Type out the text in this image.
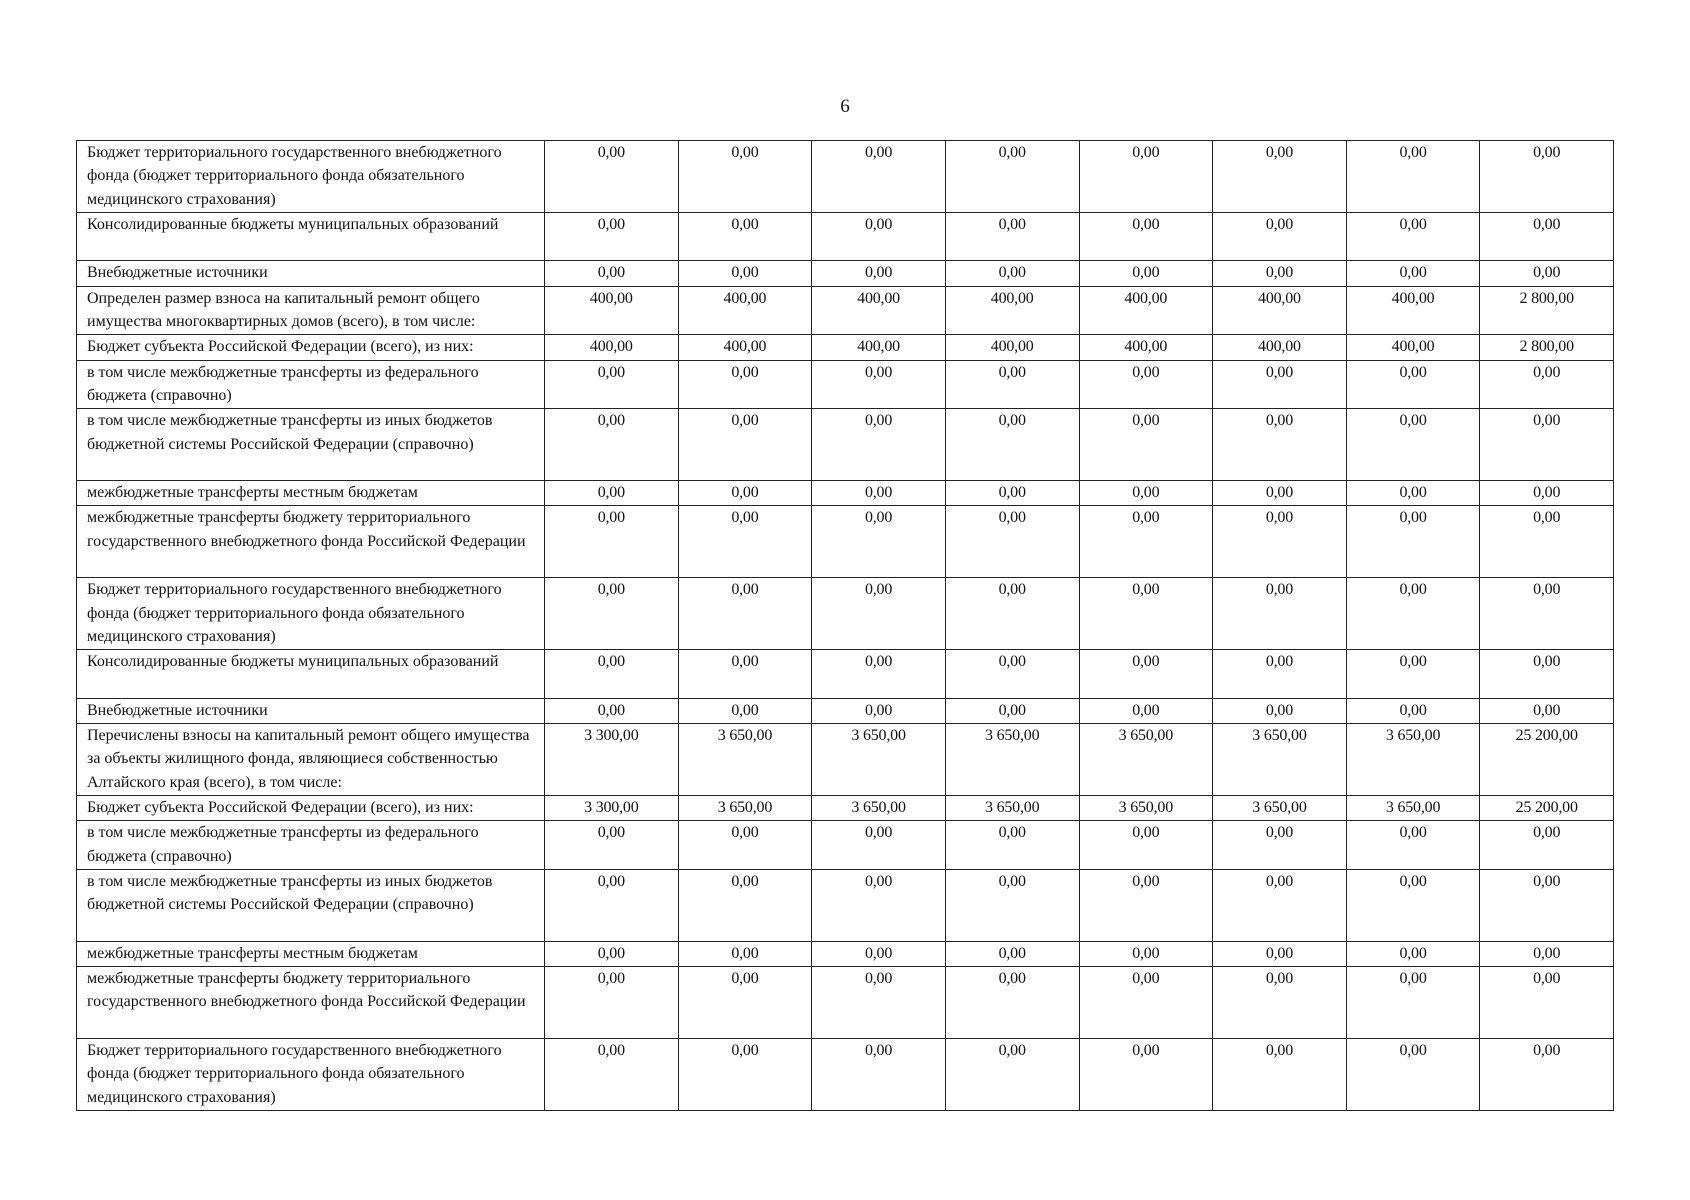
6
Бюджет территориального государственного внебюджетного фонда (бюджет территориального фонда обязательного медицинского страхования)	0,00	0,00	0,00	0,00	0,00	0,00	0,00	0,00
Консолидированные бюджеты муниципальных образований	0,00	0,00	0,00	0,00	0,00	0,00	0,00	0,00
Внебюджетные источники	0,00	0,00	0,00	0,00	0,00	0,00	0,00	0,00
Определен размер взноса на капитальный ремонт общего имущества многоквартирных домов (всего), в том числе:	400,00	400,00	400,00	400,00	400,00	400,00	400,00	2 800,00
Бюджет субъекта Российской Федерации (всего), из них:	400,00	400,00	400,00	400,00	400,00	400,00	400,00	2 800,00
в том числе межбюджетные трансферты из федерального бюджета (справочно)	0,00	0,00	0,00	0,00	0,00	0,00	0,00	0,00
в том числе межбюджетные трансферты из иных бюджетов бюджетной системы Российской Федерации (справочно)	0,00	0,00	0,00	0,00	0,00	0,00	0,00	0,00
межбюджетные трансферты местным бюджетам	0,00	0,00	0,00	0,00	0,00	0,00	0,00	0,00
межбюджетные трансферты бюджету территориального государственного внебюджетного фонда Российской Федерации	0,00	0,00	0,00	0,00	0,00	0,00	0,00	0,00
Бюджет территориального государственного внебюджетного фонда (бюджет территориального фонда обязательного медицинского страхования)	0,00	0,00	0,00	0,00	0,00	0,00	0,00	0,00
Консолидированные бюджеты муниципальных образований	0,00	0,00	0,00	0,00	0,00	0,00	0,00	0,00
Внебюджетные источники	0,00	0,00	0,00	0,00	0,00	0,00	0,00	0,00
Перечислены взносы на капитальный ремонт общего имущества за объекты жилищного фонда, являющиеся собственностью Алтайского края (всего), в том числе:	3 300,00	3 650,00	3 650,00	3 650,00	3 650,00	3 650,00	3 650,00	25 200,00
Бюджет субъекта Российской Федерации (всего), из них:	3 300,00	3 650,00	3 650,00	3 650,00	3 650,00	3 650,00	3 650,00	25 200,00
в том числе межбюджетные трансферты из федерального бюджета (справочно)	0,00	0,00	0,00	0,00	0,00	0,00	0,00	0,00
в том числе межбюджетные трансферты из иных бюджетов бюджетной системы Российской Федерации (справочно)	0,00	0,00	0,00	0,00	0,00	0,00	0,00	0,00
межбюджетные трансферты местным бюджетам	0,00	0,00	0,00	0,00	0,00	0,00	0,00	0,00
межбюджетные трансферты бюджету территориального государственного внебюджетного фонда Российской Федерации	0,00	0,00	0,00	0,00	0,00	0,00	0,00	0,00
Бюджет территориального государственного внебюджетного фонда (бюджет территориального фонда обязательного медицинского страхования)	0,00	0,00	0,00	0,00	0,00	0,00	0,00	0,00
